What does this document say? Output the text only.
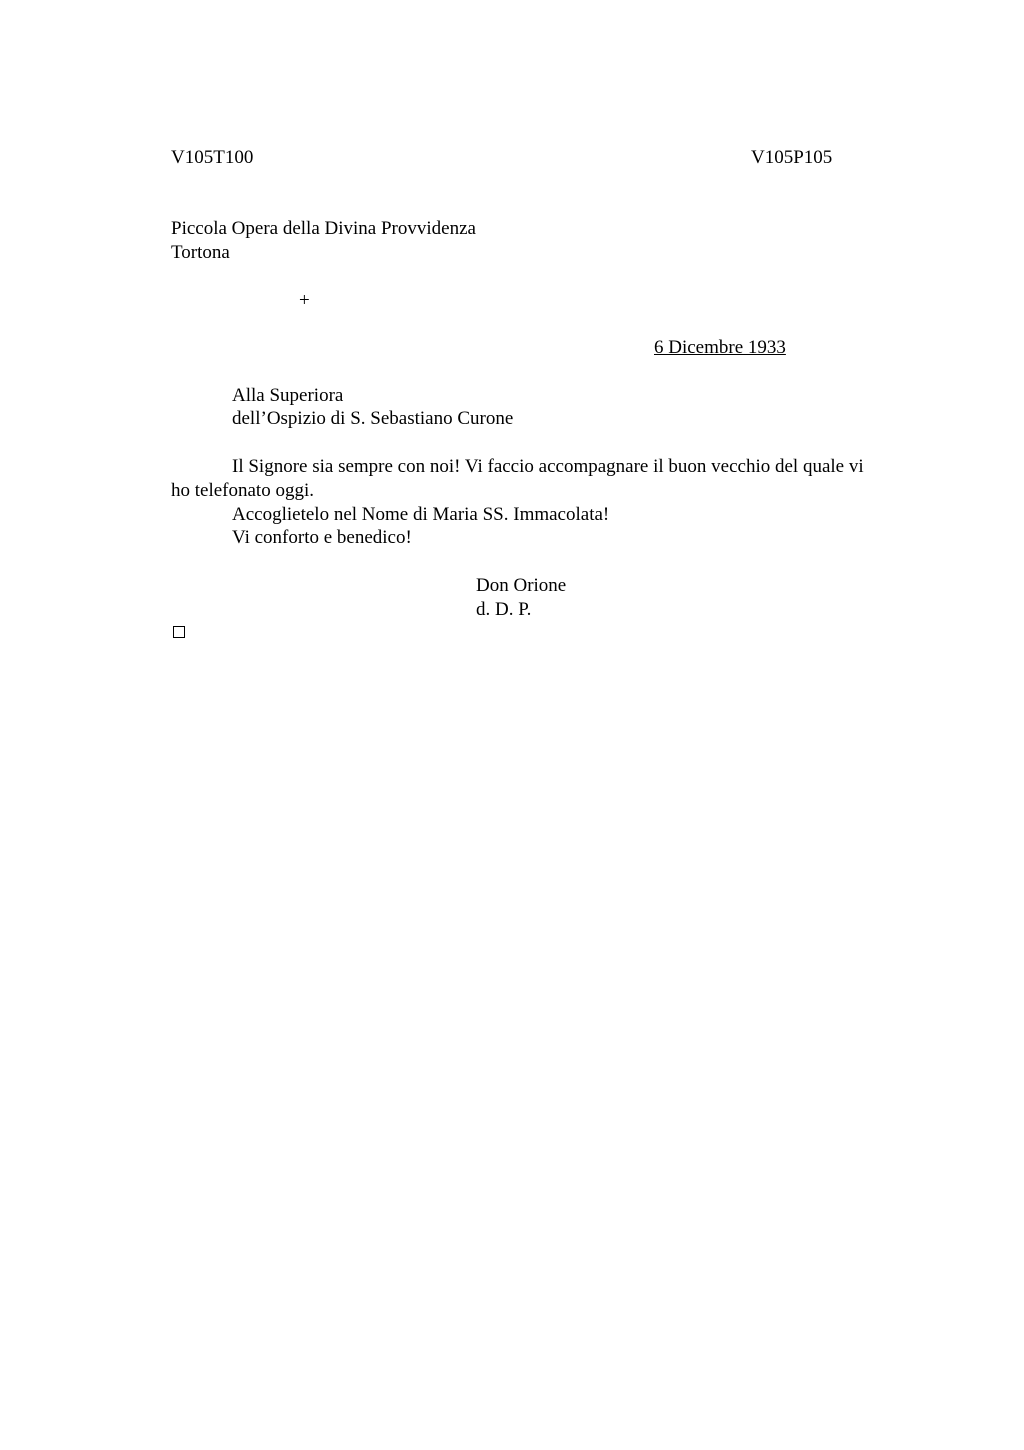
V105T100	V105P105
Piccola Opera della Divina Provvidenza
Tortona
+
6 Dicembre 1933
Alla Superiora
dell’Ospizio di S. Sebastiano Curone
Il Signore sia sempre con noi! Vi faccio accompagnare il buon vecchio del quale vi
ho telefonato oggi.
Accoglietelo nel Nome di Maria SS. Immacolata!
Vi conforto e benedico!
Don Orione
d. D. P.
